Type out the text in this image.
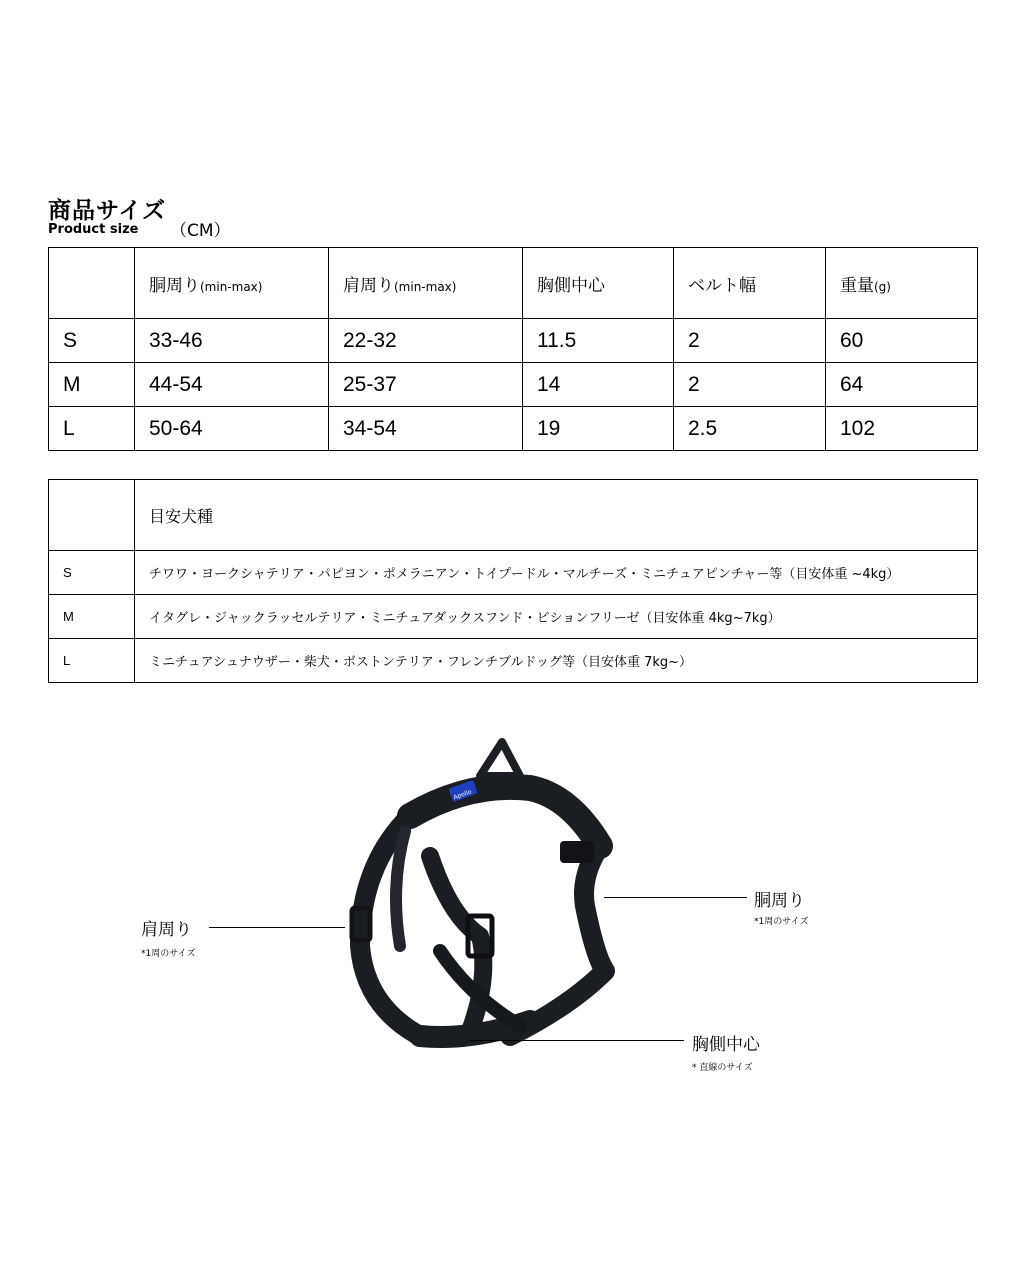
商品サイズ
Product size （CM）
	胴周り(min-max)	肩周り(min-max)	胸側中心	ベルト幅	重量(g)
S	33-46	22-32	11.5	2	60
M	44-54	25-37	14	2	64
L	50-64	34-54	19	2.5	102
	目安犬種
S	チワワ・ヨークシャテリア・パピヨン・ポメラニアン・トイプードル・マルチーズ・ミニチュアピンチャー等（目安体重 ~4kg）
M	イタグレ・ジャックラッセルテリア・ミニチュアダックスフンド・ビションフリーゼ（目安体重 4kg~7kg）
L	ミニチュアシュナウザー・柴犬・ボストンテリア・フレンチブルドッグ等（目安体重 7kg~）
Apollo
肩周り
*1周のサイズ
胴周り
*1周のサイズ
胸側中心
* 直線のサイズ
